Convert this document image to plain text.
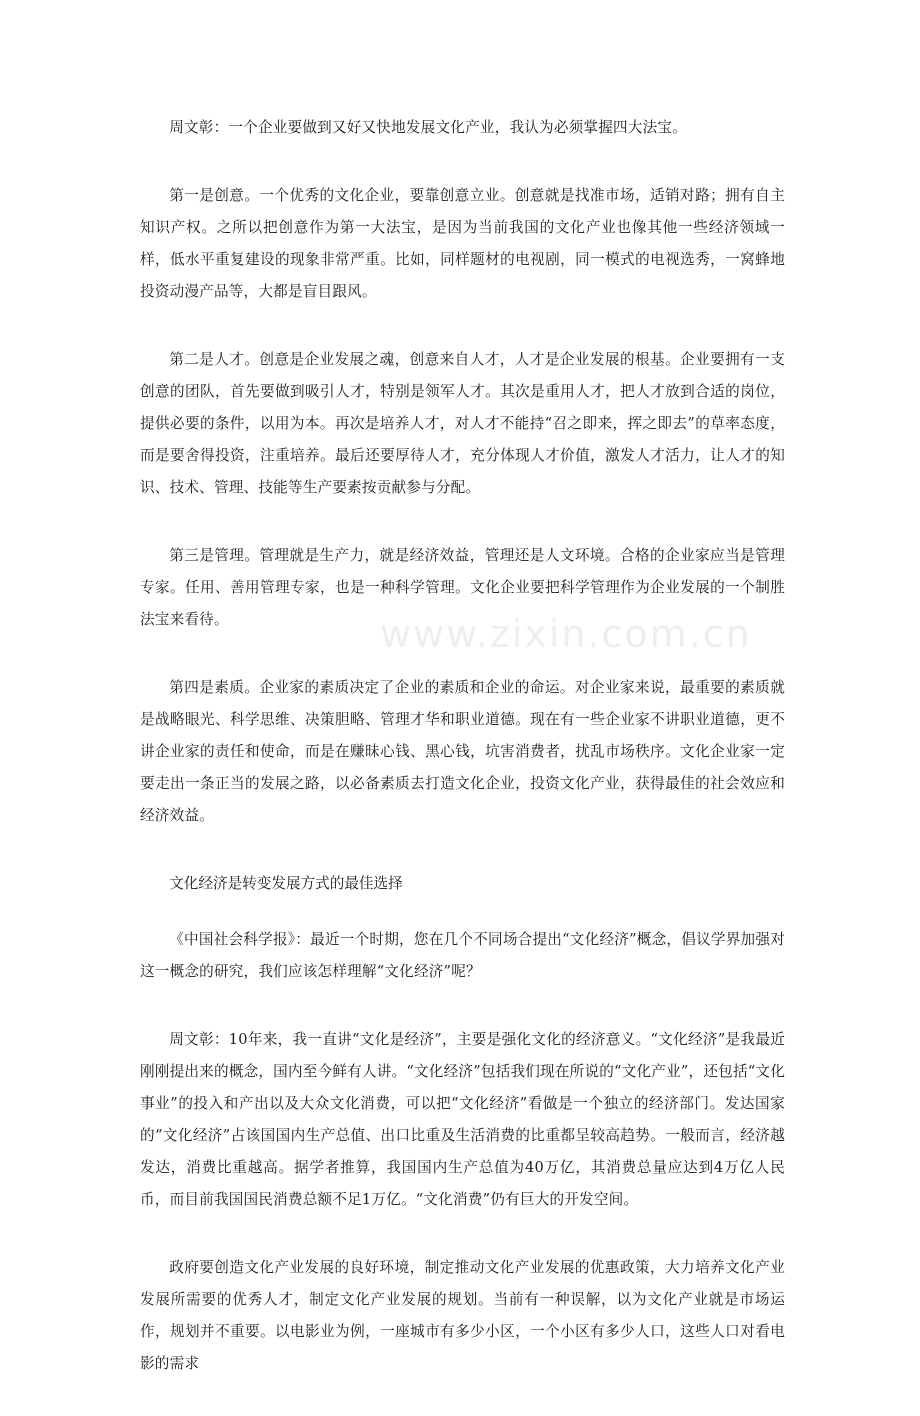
周文彰：一个企业要做到又好又快地发展文化产业，我认为必须掌握四大法宝。

第一是创意。一个优秀的文化企业，要靠创意立业。创意就是找准市场，适销对路；拥有自主知识产权。之所以把创意作为第一大法宝，是因为当前我国的文化产业也像其他一些经济领域一样，低水平重复建设的现象非常严重。比如，同样题材的电视剧，同一模式的电视选秀，一窝蜂地投资动漫产品等，大都是盲目跟风。

第二是人才。创意是企业发展之魂，创意来自人才，人才是企业发展的根基。企业要拥有一支创意的团队，首先要做到吸引人才，特别是领军人才。其次是重用人才，把人才放到合适的岗位，提供必要的条件，以用为本。再次是培养人才，对人才不能持“召之即来，挥之即去”的草率态度，而是要舍得投资，注重培养。最后还要厚待人才，充分体现人才价值，激发人才活力，让人才的知识、技术、管理、技能等生产要素按贡献参与分配。

第三是管理。管理就是生产力，就是经济效益，管理还是人文环境。合格的企业家应当是管理专家。任用、善用管理专家，也是一种科学管理。文化企业要把科学管理作为企业发展的一个制胜法宝来看待。

第四是素质。企业家的素质决定了企业的素质和企业的命运。对企业家来说，最重要的素质就是战略眼光、科学思维、决策胆略、管理才华和职业道德。现在有一些企业家不讲职业道德，更不讲企业家的责任和使命，而是在赚昧心钱、黑心钱，坑害消费者，扰乱市场秩序。文化企业家一定要走出一条正当的发展之路，以必备素质去打造文化企业，投资文化产业，获得最佳的社会效应和经济效益。

文化经济是转变发展方式的最佳选择

《中国社会科学报》：最近一个时期，您在几个不同场合提出“文化经济”概念，倡议学界加强对这一概念的研究，我们应该怎样理解“文化经济”呢？

周文彰：10年来，我一直讲“文化是经济”，主要是强化文化的经济意义。“文化经济”是我最近刚刚提出来的概念，国内至今鲜有人讲。“文化经济”包括我们现在所说的“文化产业”，还包括“文化事业”的投入和产出以及大众文化消费，可以把“文化经济”看做是一个独立的经济部门。发达国家的“文化经济”占该国国内生产总值、出口比重及生活消费的比重都呈较高趋势。一般而言，经济越发达，消费比重越高。据学者推算，我国国内生产总值为40万亿，其消费总量应达到4万亿人民币，而目前我国国民消费总额不足1万亿。“文化消费”仍有巨大的开发空间。

政府要创造文化产业发展的良好环境，制定推动文化产业发展的优惠政策，大力培养文化产业发展所需要的优秀人才，制定文化产业发展的规划。当前有一种误解，以为文化产业就是市场运作，规划并不重要。以电影业为例，一座城市有多少小区，一个小区有多少人口，这些人口对看电影的需求

www.zixin.com.cn
